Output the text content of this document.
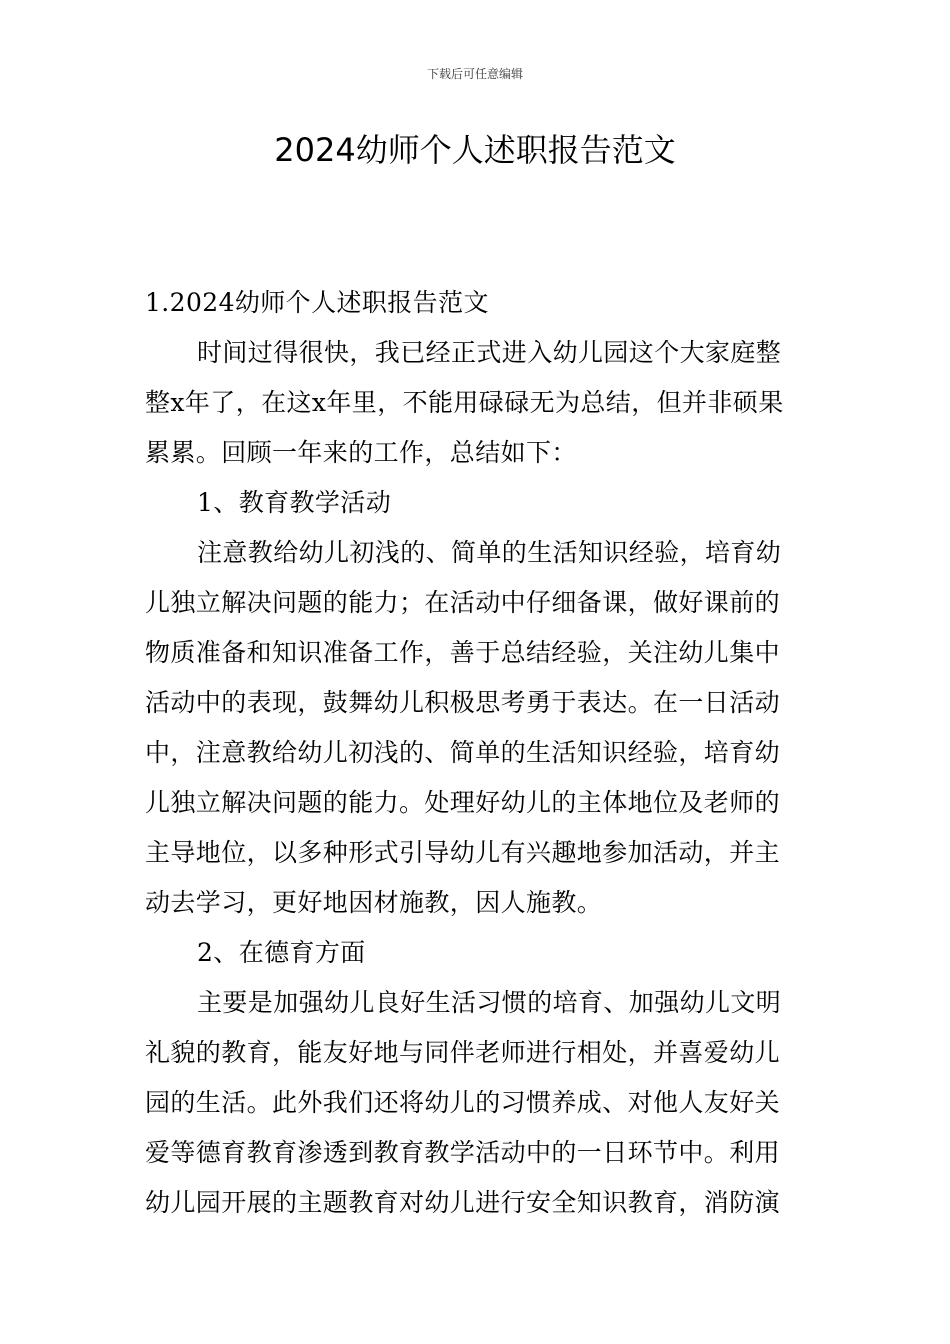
下载后可任意编辑
2024幼师个人述职报告范文
1.2024幼师个人述职报告范文
时间过得很快，我已经正式进入幼儿园这个大家庭整
整x年了，在这x年里，不能用碌碌无为总结，但并非硕果
累累。回顾一年来的工作，总结如下：
1、教育教学活动
注意教给幼儿初浅的、简单的生活知识经验，培育幼
儿独立解决问题的能力；在活动中仔细备课，做好课前的
物质准备和知识准备工作，善于总结经验，关注幼儿集中
活动中的表现，鼓舞幼儿积极思考勇于表达。在一日活动
中，注意教给幼儿初浅的、简单的生活知识经验，培育幼
儿独立解决问题的能力。处理好幼儿的主体地位及老师的
主导地位，以多种形式引导幼儿有兴趣地参加活动，并主
动去学习，更好地因材施教，因人施教。
2、在德育方面
主要是加强幼儿良好生活习惯的培育、加强幼儿文明
礼貌的教育，能友好地与同伴老师进行相处，并喜爱幼儿
园的生活。此外我们还将幼儿的习惯养成、对他人友好关
爱等德育教育渗透到教育教学活动中的一日环节中。利用
幼儿园开展的主题教育对幼儿进行安全知识教育，消防演
